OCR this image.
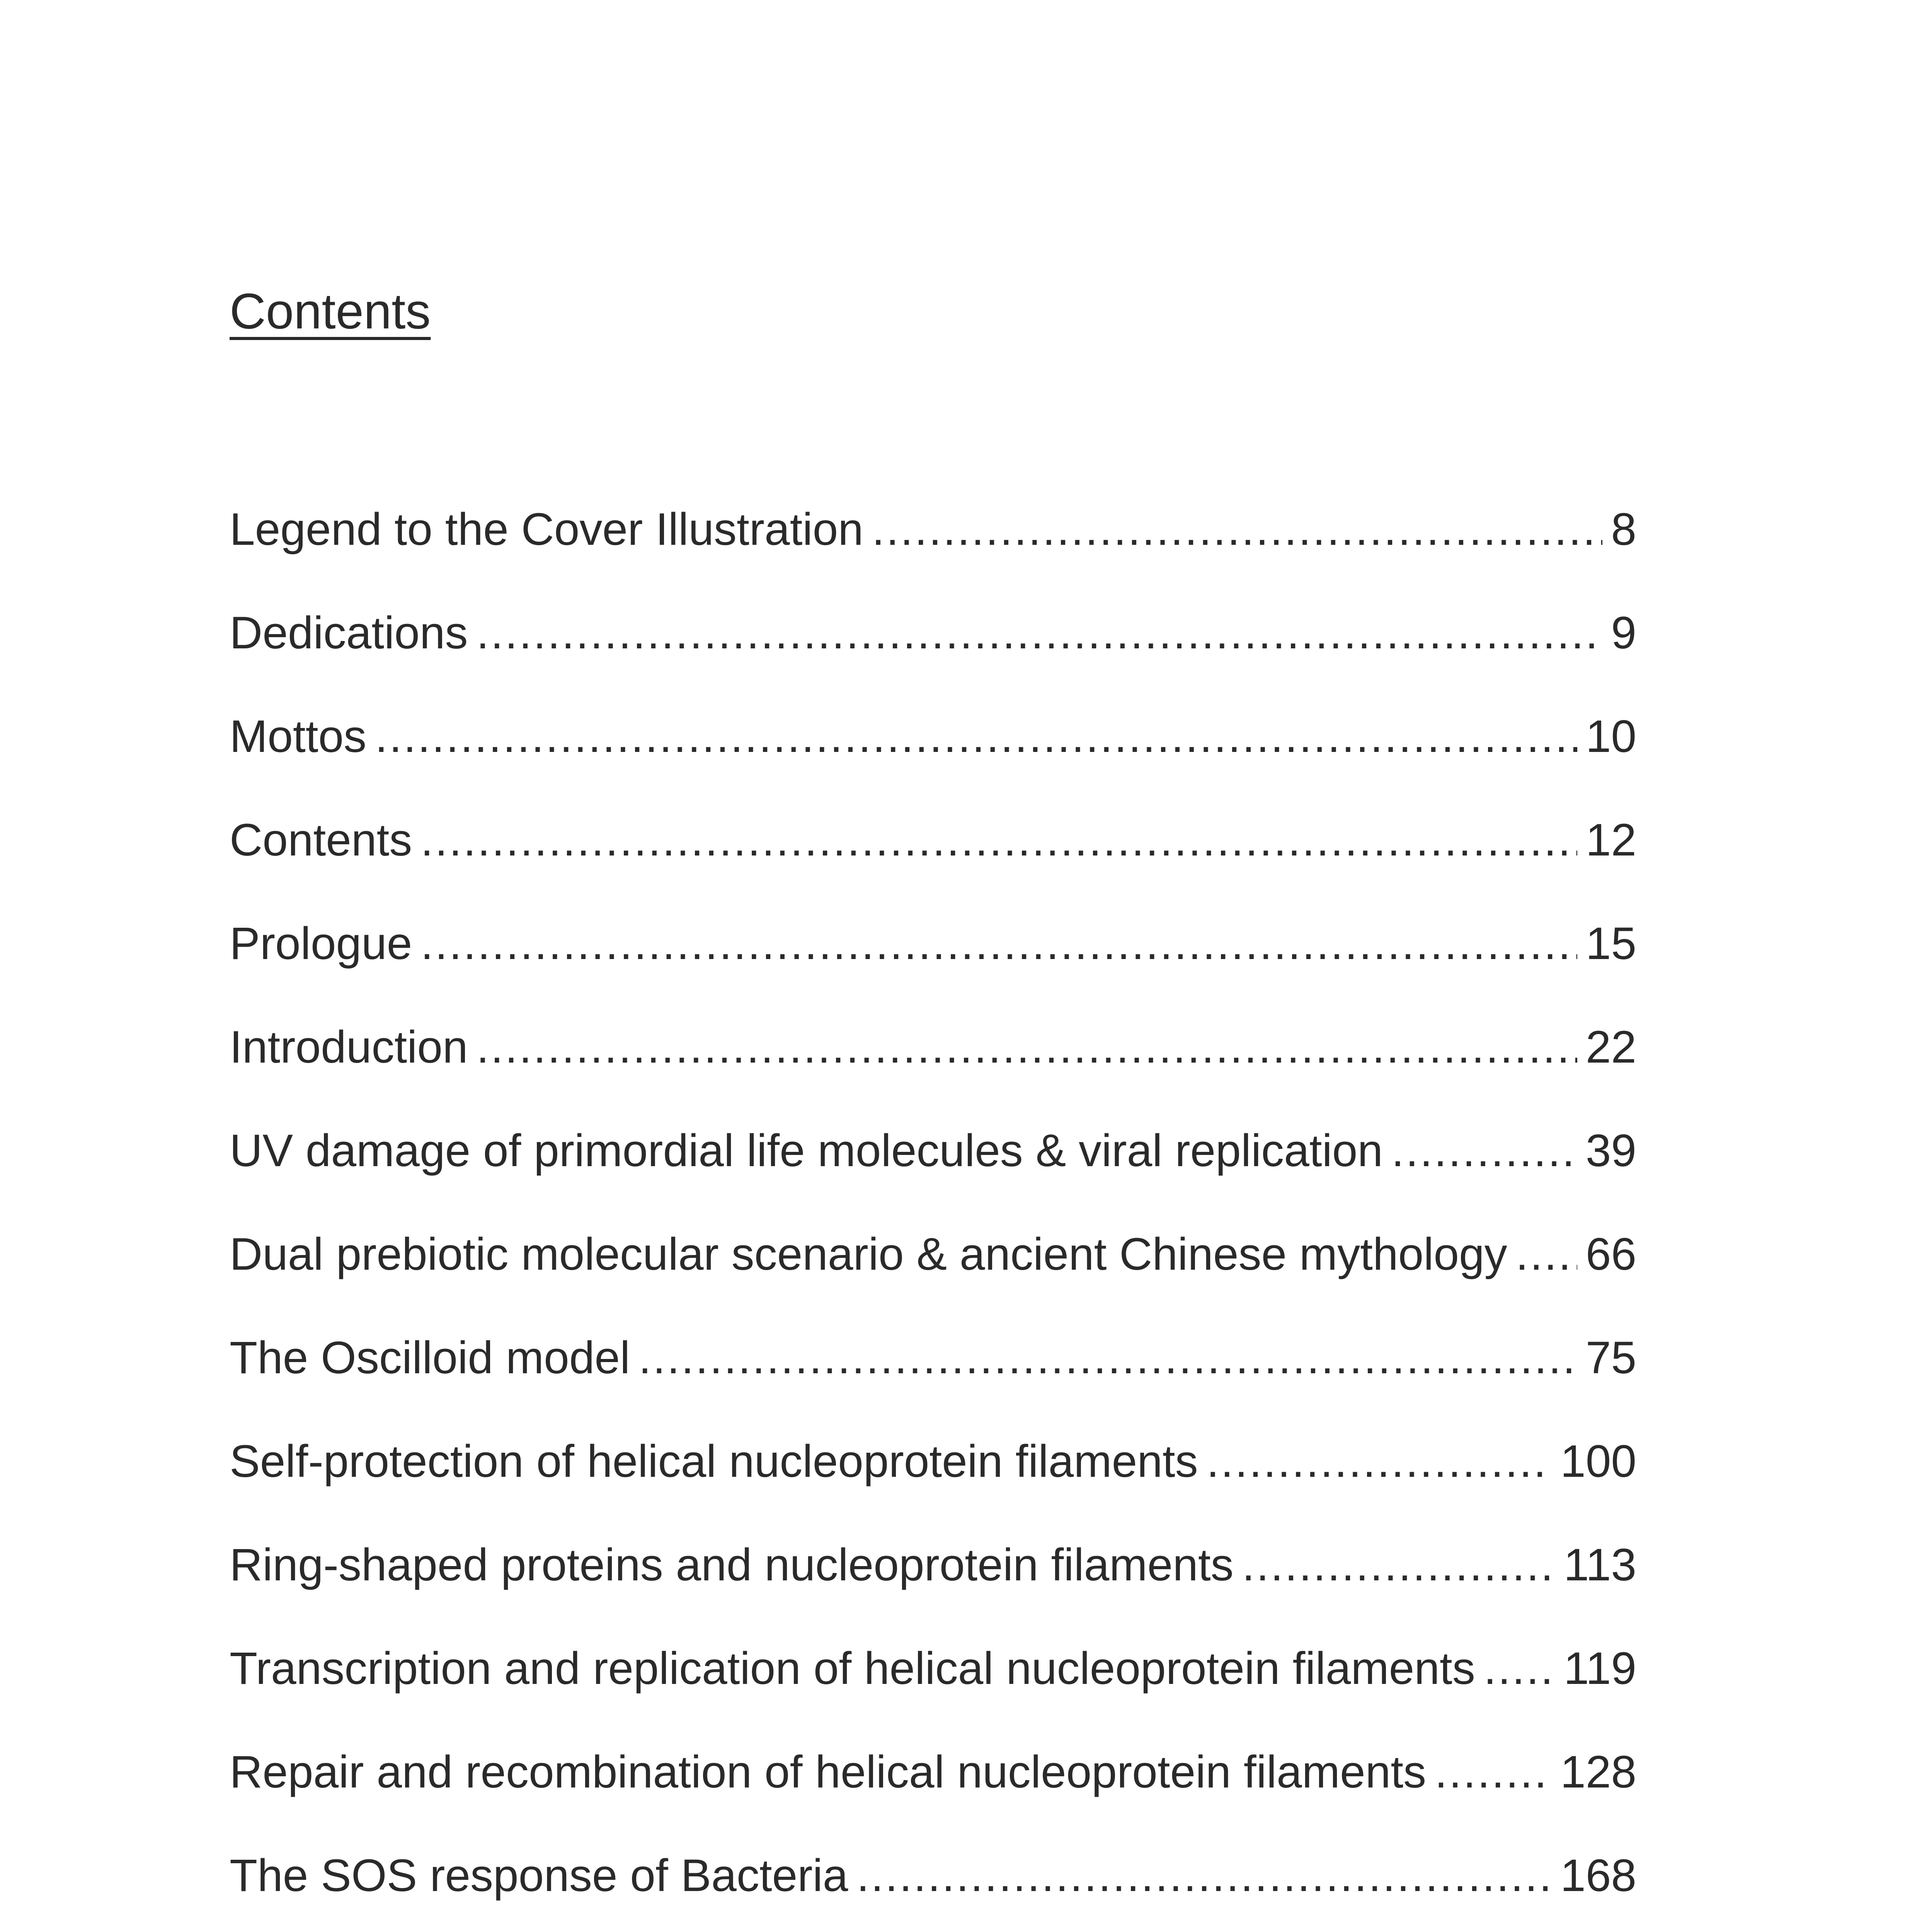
Contents
Legend to the Cover Illustration .....	8
Dedications .....	9
Mottos .....	10
Contents .....	12
Prologue .....	15
Introduction .....	22
UV damage of primordial life molecules & viral replication .....	39
Dual prebiotic molecular scenario & ancient Chinese mythology ..... 66
The Oscilloid model .....	75
Self-protection of helical nucleoprotein filaments .....	100
Ring-shaped proteins and nucleoprotein filaments .....	113
Transcription and replication of helical nucleoprotein filaments ..... 119
Repair and recombination of helical nucleoprotein filaments .....	128
The SOS response of Bacteria .....	168
